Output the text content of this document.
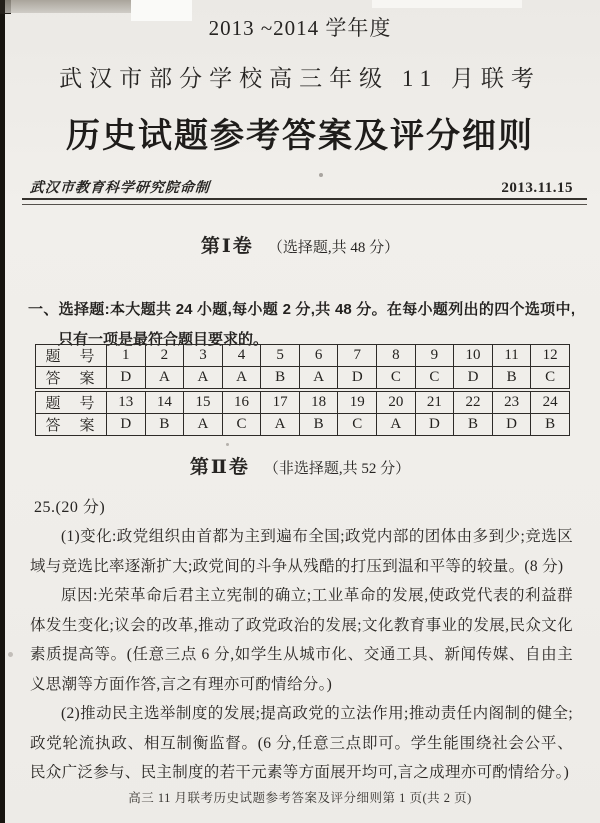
2013 ~2014 学年度
武汉市部分学校高三年级 11 月联考
历史试题参考答案及评分细则
武汉市教育科学研究院命制	2013.11.15
第Ⅰ卷 （选择题,共 48 分）
一、选择题:本大题共 24 小题,每小题 2 分,共 48 分。在每小题列出的四个选项中,只有一项是最符合题目要求的。
题　号	1	2	3	4	5	6	7	8	9	10	11	12
答　案	D	A	A	A	B	A	D	C	C	D	B	C
题　号	13	14	15	16	17	18	19	20	21	22	23	24
答　案	D	B	A	C	A	B	C	A	D	B	D	B
第Ⅱ卷 （非选择题,共 52 分）
25.(20 分)

(1)变化:政党组织由首都为主到遍布全国;政党内部的团体由多到少;竞选区域与竞选比率逐渐扩大;政党间的斗争从残酷的打压到温和平等的较量。(8 分)

原因:光荣革命后君主立宪制的确立;工业革命的发展,使政党代表的利益群体发生变化;议会的改革,推动了政党政治的发展;文化教育事业的发展,民众文化素质提高等。(任意三点 6 分,如学生从城市化、交通工具、新闻传媒、自由主义思潮等方面作答,言之有理亦可酌情给分。)

(2)推动民主选举制度的发展;提高政党的立法作用;推动责任内阁制的健全;政党轮流执政、相互制衡监督。(6 分,任意三点即可。学生能围绕社会公平、民众广泛参与、民主制度的若干元素等方面展开均可,言之成理亦可酌情给分。)

高三 11 月联考历史试题参考答案及评分细则第 1 页(共 2 页)
